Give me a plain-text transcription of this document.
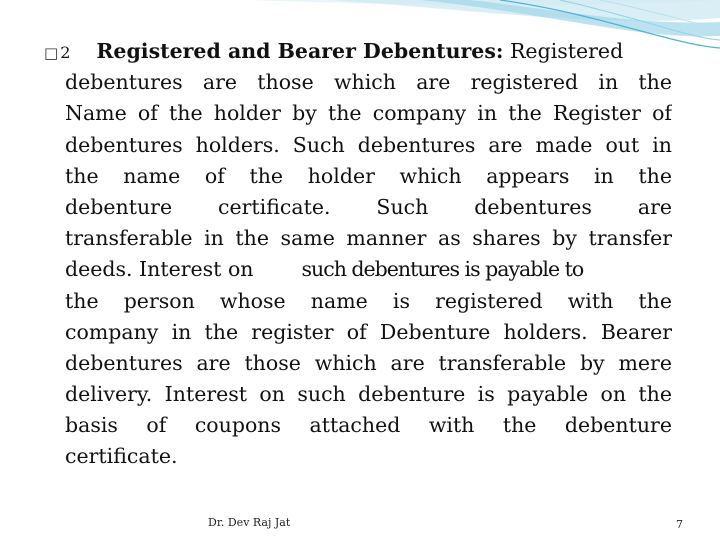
□ 2 Registered and Bearer Debentures:
Registered
debentures are those which are registered in the
Name of the holder by the company in the Register of
debentures holders. Such debentures are made out in
the name of the holder which appears in the
debenture certificate. Such debentures are
transferable in the same manner as shares by transfer
deeds. Interest on such debentures is payable to
the person whose name is registered with the
company in the register of Debenture holders. Bearer
debentures are those which are transferable by mere
delivery. Interest on such debenture is payable on the
basis of coupons attached with the debenture
certificate.
Dr. Dev Raj Jat	7
